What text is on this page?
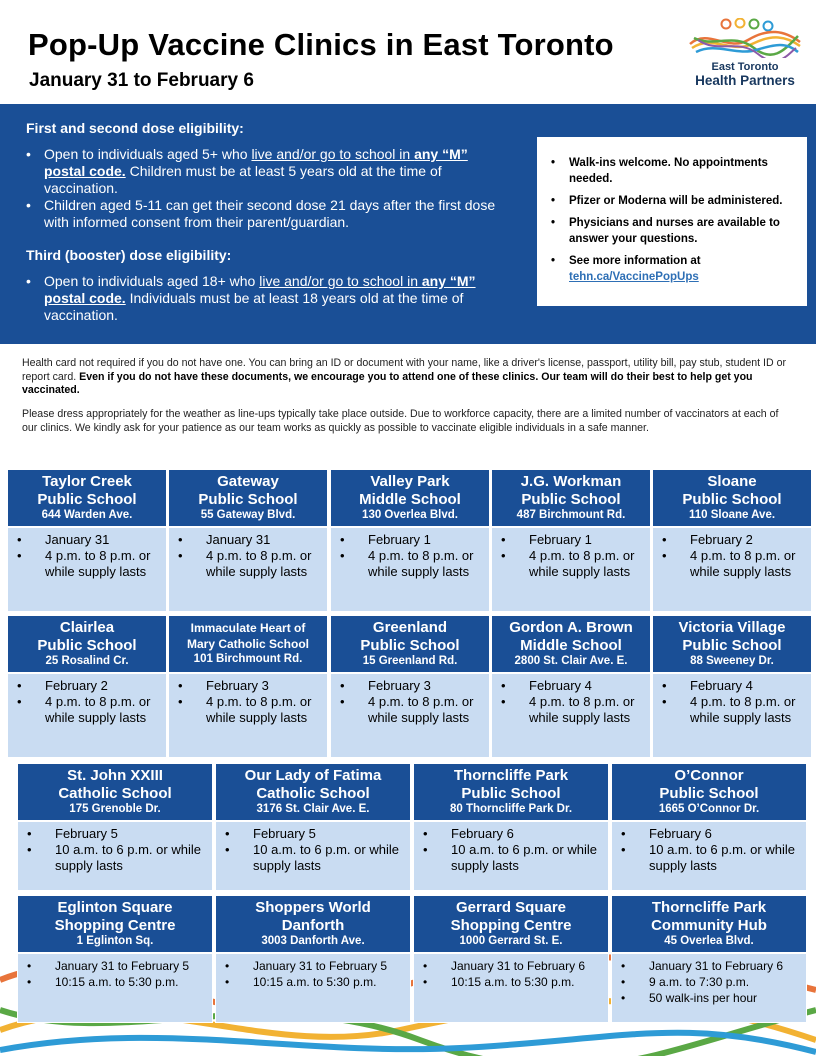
Pop-Up Vaccine Clinics in East Toronto
January 31 to February 6
East Toronto
Health Partners
First and second dose eligibility:
• Open to individuals aged 5+ who live and/or go to school in any “M” postal code. Children must be at least 5 years old at the time of vaccination.
• Children aged 5-11 can get their second dose 21 days after the first dose with informed consent from their parent/guardian.
Third (booster) dose eligibility:
• Open to individuals aged 18+ who live and/or go to school in any “M” postal code. Individuals must be at least 18 years old at the time of vaccination.
• Walk-ins welcome. No appointments needed.
• Pfizer or Moderna will be administered.
• Physicians and nurses are available to answer your questions.
• See more information at
tehn.ca/VaccinePopUps
Health card not required if you do not have one. You can bring an ID or document with your name, like a driver's license, passport, utility bill, pay stub, student ID or report card. Even if you do not have these documents, we encourage you to attend one of these clinics. Our team will do their best to help get you vaccinated.
Please dress appropriately for the weather as line-ups typically take place outside. Due to workforce capacity, there are a limited number of vaccinators at each of our clinics. We kindly ask for your patience as our team works as quickly as possible to vaccinate eligible individuals in a safe manner.
Taylor Creek
Public School
644 Warden Ave.
• January 31
• 4 p.m. to 8 p.m. or while supply lasts
Gateway
Public School
55 Gateway Blvd.
• January 31
• 4 p.m. to 8 p.m. or while supply lasts
Valley Park
Middle School
130 Overlea Blvd.
• February 1
• 4 p.m. to 8 p.m. or while supply lasts
J.G. Workman
Public School
487 Birchmount Rd.
• February 1
• 4 p.m. to 8 p.m. or while supply lasts
Sloane
Public School
110 Sloane Ave.
• February 2
• 4 p.m. to 8 p.m. or while supply lasts
Clairlea
Public School
25 Rosalind Cr.
• February 2
• 4 p.m. to 8 p.m. or while supply lasts
Immaculate Heart of
Mary Catholic School
101 Birchmount Rd.
• February 3
• 4 p.m. to 8 p.m. or while supply lasts
Greenland
Public School
15 Greenland Rd.
• February 3
• 4 p.m. to 8 p.m. or while supply lasts
Gordon A. Brown
Middle School
2800 St. Clair Ave. E.
• February 4
• 4 p.m. to 8 p.m. or while supply lasts
Victoria Village
Public School
88 Sweeney Dr.
• February 4
• 4 p.m. to 8 p.m. or while supply lasts
St. John XXIII
Catholic School
175 Grenoble Dr.
• February 5
• 10 a.m. to 6 p.m. or while supply lasts
Our Lady of Fatima
Catholic School
3176 St. Clair Ave. E.
• February 5
• 10 a.m. to 6 p.m. or while supply lasts
Thorncliffe Park
Public School
80 Thorncliffe Park Dr.
• February 6
• 10 a.m. to 6 p.m. or while supply lasts
O’Connor
Public School
1665 O’Connor Dr.
• February 6
• 10 a.m. to 6 p.m. or while supply lasts
Eglinton Square
Shopping Centre
1 Eglinton Sq.
• January 31 to February 5
• 10:15 a.m. to 5:30 p.m.
Shoppers World
Danforth
3003 Danforth Ave.
• January 31 to February 5
• 10:15 a.m. to 5:30 p.m.
Gerrard Square
Shopping Centre
1000 Gerrard St. E.
• January 31 to February 6
• 10:15 a.m. to 5:30 p.m.
Thorncliffe Park
Community Hub
45 Overlea Blvd.
• January 31 to February 6
• 9 a.m. to 7:30 p.m.
• 50 walk-ins per hour
